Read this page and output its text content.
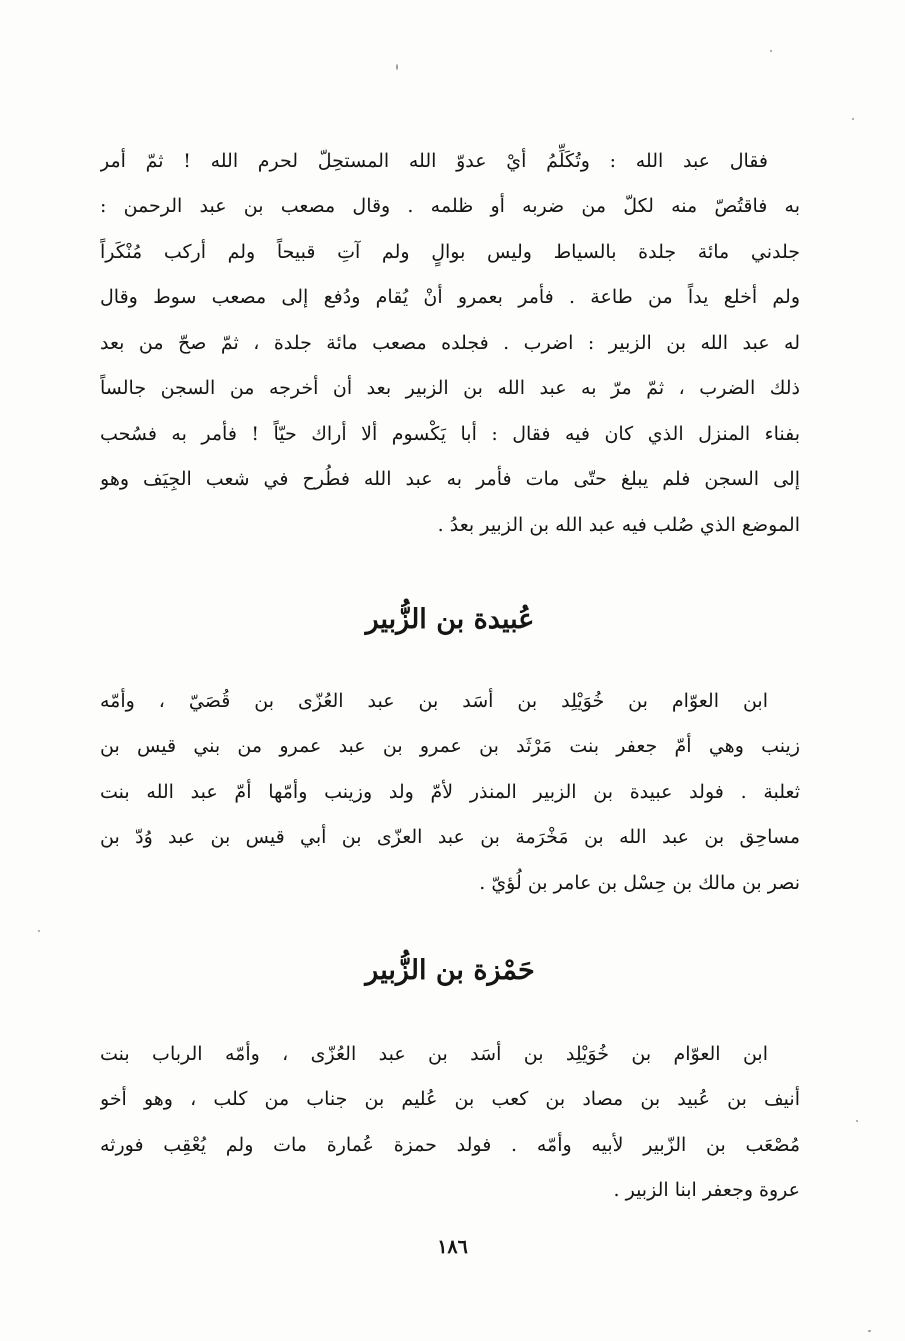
فقال عبد الله : وتُكَلِّمُ أيْ عدوّ الله المستحِلّ لحرم الله ! ثمّ أمر
به فاقتُصّ منه لكلّ من ضربه أو ظلمه . وقال مصعب بن عبد الرحمن :
جلدني مائة جلدة بالسياط وليس بوالٍ ولم آتِ قبيحاً ولم أركب مُنْكَراً
ولم أخلع يداً من طاعة . فأمر بعمرو أنْ يُقام ودُفع إلى مصعب سوط وقال
له عبد الله بن الزبير : اضرب . فجلده مصعب مائة جلدة ، ثمّ صحّ من بعد
ذلك الضرب ، ثمّ مرّ به عبد الله بن الزبير بعد أن أخرجه من السجن جالساً
بفناء المنزل الذي كان فيه فقال : أبا يَكْسوم ألا أراك حيّاً ! فأمر به فسُحب
إلى السجن فلم يبلغ حتّى مات فأمر به عبد الله فطُرح في شعب الجِيَف وهو
الموضع الذي صُلب فيه عبد الله بن الزبير بعدُ .
عُبيدة بن الزُّبير
ابن العوّام بن خُوَيْلِد بن أسَد بن عبد العُزّى بن قُصَيّ ، وأمّه
زينب وهي أمّ جعفر بنت مَرْثَد بن عمرو بن عبد عمرو من بني قيس بن
ثعلبة . فولد عبيدة بن الزبير المنذر لأمّ ولد وزينب وأمّها أمّ عبد الله بنت
مساحِق بن عبد الله بن مَخْرَمة بن عبد العزّى بن أبي قيس بن عبد وُدّ بن
نصر بن مالك بن حِسْل بن عامر بن لُؤيّ .
حَمْزة بن الزُّبير
ابن العوّام بن خُوَيْلِد بن أسَد بن عبد العُزّى ، وأمّه الرباب بنت
أنيف بن عُبيد بن مصاد بن كعب بن عُليم بن جناب من كلب ، وهو أخو
مُصْعَب بن الزّبير لأبيه وأمّه . فولد حمزة عُمارة مات ولم يُعْقِب فورثه
عروة وجعفر ابنا الزبير .
١٨٦
